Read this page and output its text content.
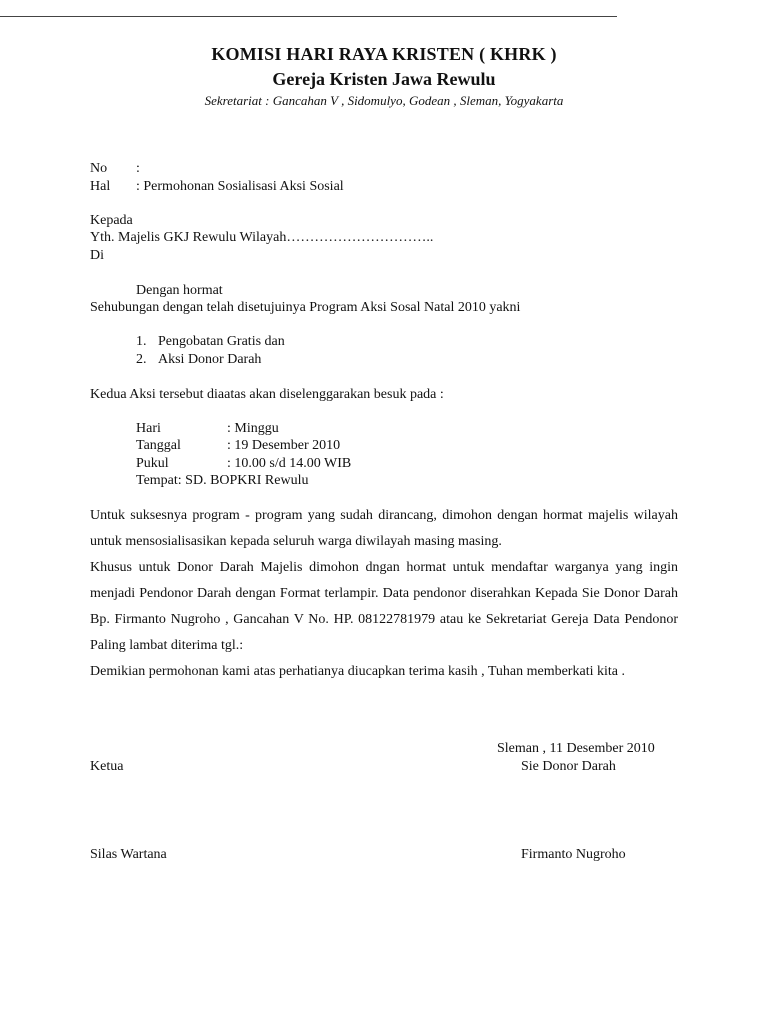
KOMISI HARI RAYA KRISTEN ( KHRK )
Gereja Kristen Jawa Rewulu
Sekretariat : Gancahan V , Sidomulyo, Godean , Sleman, Yogyakarta
No :
Hal : Permohonan Sosialisasi Aksi Sosial
Kepada
Yth. Majelis GKJ Rewulu Wilayah…………………………..
Di
Dengan hormat
Sehubungan dengan telah disetujuinya Program Aksi Sosal Natal 2010 yakni
1. Pengobatan Gratis dan
2. Aksi Donor Darah
Kedua Aksi tersebut diaatas akan diselenggarakan besuk pada :
Hari	: Minggu
Tanggal	: 19 Desember 2010
Pukul	: 10.00 s/d 14.00 WIB
Tempat: SD. BOPKRI Rewulu
Untuk suksesnya program - program yang sudah dirancang, dimohon dengan hormat majelis wilayah untuk mensosialisasikan kepada seluruh warga diwilayah masing masing.
Khusus untuk Donor Darah Majelis dimohon dngan hormat untuk mendaftar warganya yang ingin menjadi Pendonor Darah dengan Format terlampir. Data pendonor diserahkan Kepada Sie Donor Darah Bp. Firmanto Nugroho , Gancahan V No. HP. 08122781979 atau ke Sekretariat Gereja Data Pendonor Paling lambat diterima tgl.:
Demikian permohonan kami atas perhatianya diucapkan terima kasih , Tuhan memberkati kita .
Sleman , 11 Desember 2010
Ketua	Sie Donor Darah
Silas Wartana	Firmanto Nugroho
